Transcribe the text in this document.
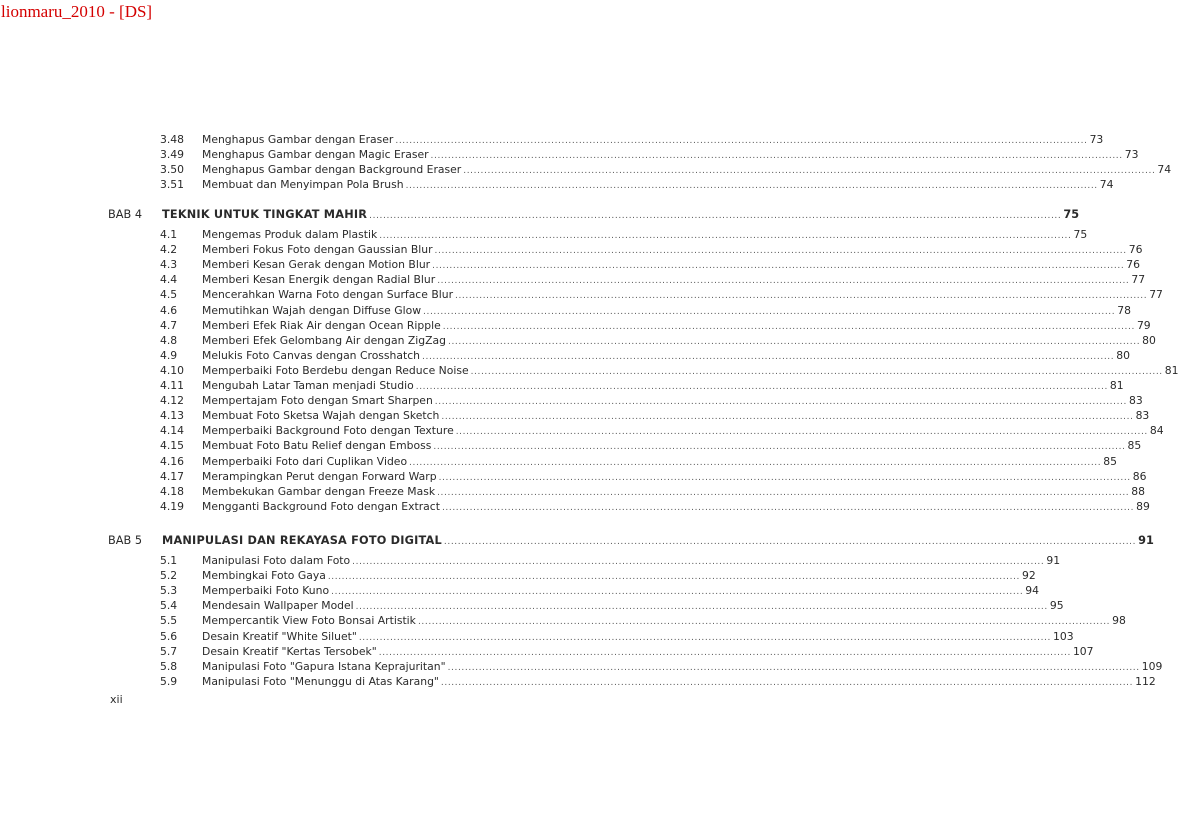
lionmaru_2010 - [DS]
3.48 Menghapus Gambar dengan Eraser ........................................................................................................................................................................................................ 73
3.49 Menghapus Gambar dengan Magic Eraser ........................................................................................................................................................................................................ 73
3.50 Menghapus Gambar dengan Background Eraser ........................................................................................................................................................................................................ 74
3.51 Membuat dan Menyimpan Pola Brush ........................................................................................................................................................................................................ 74
BAB 4 TEKNIK UNTUK TINGKAT MAHIR ........................................................................................................................................................................................................ 75
4.1 Mengemas Produk dalam Plastik ........................................................................................................................................................................................................ 75
4.2 Memberi Fokus Foto dengan Gaussian Blur ........................................................................................................................................................................................................ 76
4.3 Memberi Kesan Gerak dengan Motion Blur ........................................................................................................................................................................................................ 76
4.4 Memberi Kesan Energik dengan Radial Blur ........................................................................................................................................................................................................ 77
4.5 Mencerahkan Warna Foto dengan Surface Blur ........................................................................................................................................................................................................ 77
4.6 Memutihkan Wajah dengan Diffuse Glow ........................................................................................................................................................................................................ 78
4.7 Memberi Efek Riak Air dengan Ocean Ripple ........................................................................................................................................................................................................ 79
4.8 Memberi Efek Gelombang Air dengan ZigZag ........................................................................................................................................................................................................ 80
4.9 Melukis Foto Canvas dengan Crosshatch ........................................................................................................................................................................................................ 80
4.10 Memperbaiki Foto Berdebu dengan Reduce Noise ........................................................................................................................................................................................................ 81
4.11 Mengubah Latar Taman menjadi Studio ........................................................................................................................................................................................................ 81
4.12 Mempertajam Foto dengan Smart Sharpen ........................................................................................................................................................................................................ 83
4.13 Membuat Foto Sketsa Wajah dengan Sketch ........................................................................................................................................................................................................ 83
4.14 Memperbaiki Background Foto dengan Texture ........................................................................................................................................................................................................ 84
4.15 Membuat Foto Batu Relief dengan Emboss ........................................................................................................................................................................................................ 85
4.16 Memperbaiki Foto dari Cuplikan Video ........................................................................................................................................................................................................ 85
4.17 Merampingkan Perut dengan Forward Warp ........................................................................................................................................................................................................ 86
4.18 Membekukan Gambar dengan Freeze Mask ........................................................................................................................................................................................................ 88
4.19 Mengganti Background Foto dengan Extract ........................................................................................................................................................................................................ 89
BAB 5 MANIPULASI DAN REKAYASA FOTO DIGITAL ........................................................................................................................................................................................................ 91
5.1 Manipulasi Foto dalam Foto ........................................................................................................................................................................................................ 91
5.2 Membingkai Foto Gaya ........................................................................................................................................................................................................ 92
5.3 Memperbaiki Foto Kuno ........................................................................................................................................................................................................ 94
5.4 Mendesain Wallpaper Model ........................................................................................................................................................................................................ 95
5.5 Mempercantik View Foto Bonsai Artistik ........................................................................................................................................................................................................ 98
5.6 Desain Kreatif "White Siluet" ........................................................................................................................................................................................................ 103
5.7 Desain Kreatif "Kertas Tersobek" ........................................................................................................................................................................................................ 107
5.8 Manipulasi Foto "Gapura Istana Keprajuritan" ........................................................................................................................................................................................................ 109
5.9 Manipulasi Foto "Menunggu di Atas Karang" ........................................................................................................................................................................................................ 112
xii
